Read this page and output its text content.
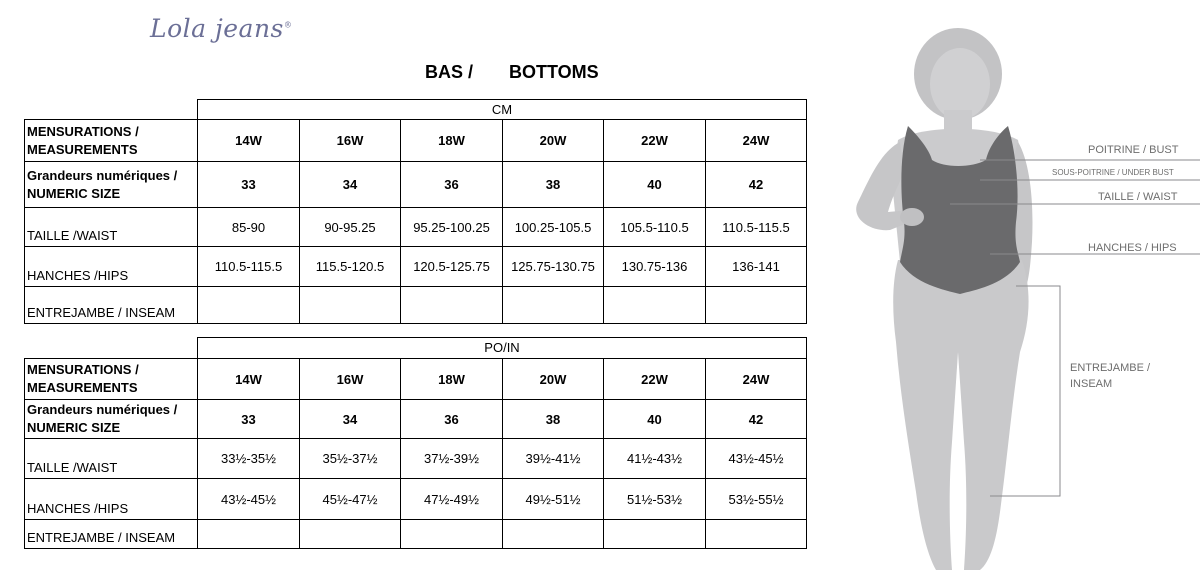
Lola jeans®
BAS / BOTTOMS
	CM					
MENSURATIONS / MEASUREMENTS	14W	16W	18W	20W	22W	24W
Grandeurs numériques / NUMERIC SIZE	33	34	36	38	40	42
TAILLE /WAIST	85-90	90-95.25	95.25-100.25	100.25-105.5	105.5-110.5	110.5-115.5
HANCHES /HIPS	110.5-115.5	115.5-120.5	120.5-125.75	125.75-130.75	130.75-136	136-141
ENTREJAMBE / INSEAM						
	PO/IN					
MENSURATIONS / MEASUREMENTS	14W	16W	18W	20W	22W	24W
Grandeurs numériques / NUMERIC SIZE	33	34	36	38	40	42
TAILLE /WAIST	33½-35½	35½-37½	37½-39½	39½-41½	41½-43½	43½-45½
HANCHES /HIPS	43½-45½	45½-47½	47½-49½	49½-51½	51½-53½	53½-55½
ENTREJAMBE / INSEAM						
POITRINE / BUST
SOUS-POITRINE / UNDER BUST
TAILLE / WAIST
HANCHES / HIPS
ENTREJAMBE /
INSEAM
